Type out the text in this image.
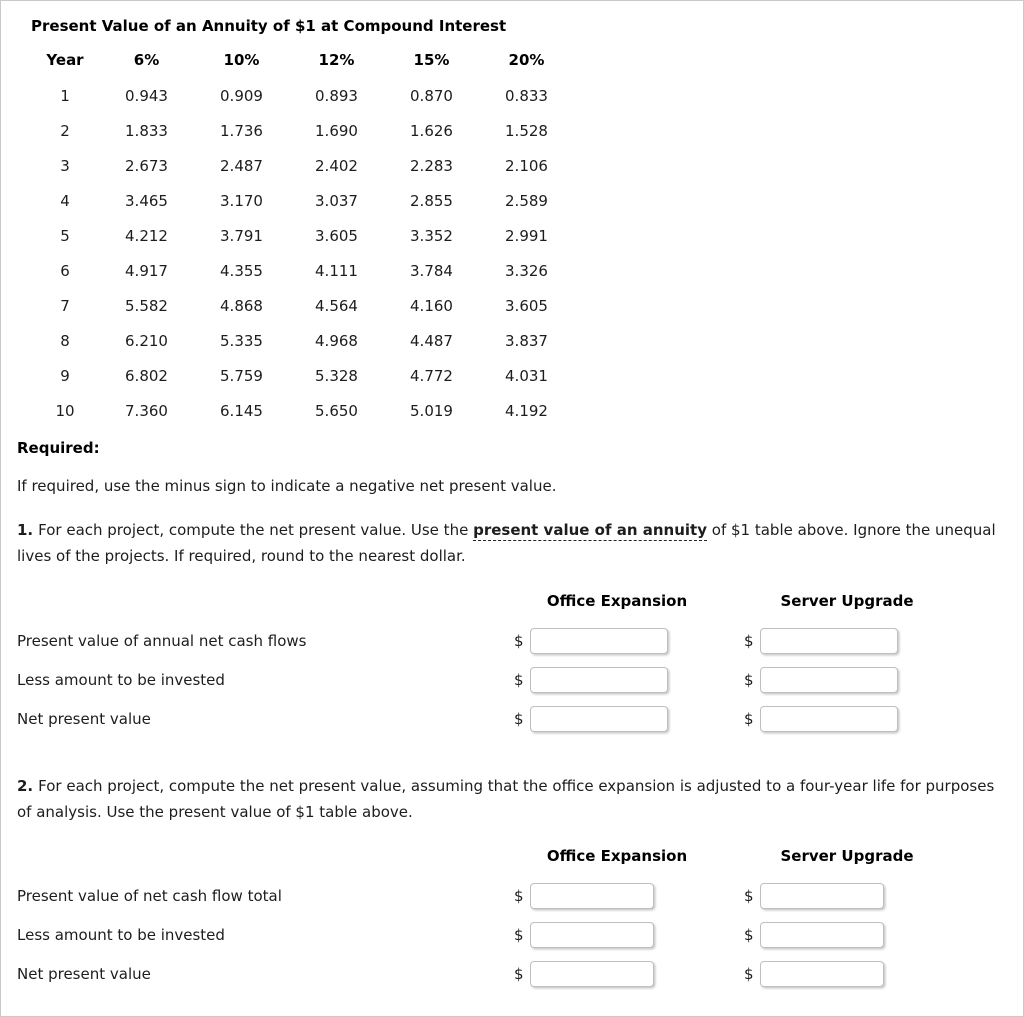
Present Value of an Annuity of $1 at Compound Interest
Year	6%	10%	12%	15%	20%
1	0.943	0.909	0.893	0.870	0.833
2	1.833	1.736	1.690	1.626	1.528
3	2.673	2.487	2.402	2.283	2.106
4	3.465	3.170	3.037	2.855	2.589
5	4.212	3.791	3.605	3.352	2.991
6	4.917	4.355	4.111	3.784	3.326
7	5.582	4.868	4.564	4.160	3.605
8	6.210	5.335	4.968	4.487	3.837
9	6.802	5.759	5.328	4.772	4.031
10	7.360	6.145	5.650	5.019	4.192
Required:

If required, use the minus sign to indicate a negative net present value.

1. For each project, compute the net present value. Use the present value of an annuity of $1 table above. Ignore the unequal lives of the projects. If required, round to the nearest dollar.

Office Expansion	Server Upgrade
Present value of annual net cash flows	$	$
Less amount to be invested	$	$
Net present value	$	$

2. For each project, compute the net present value, assuming that the office expansion is adjusted to a four-year life for purposes of analysis. Use the present value of $1 table above.

Office Expansion	Server Upgrade
Present value of net cash flow total	$	$
Less amount to be invested	$	$
Net present value	$	$
